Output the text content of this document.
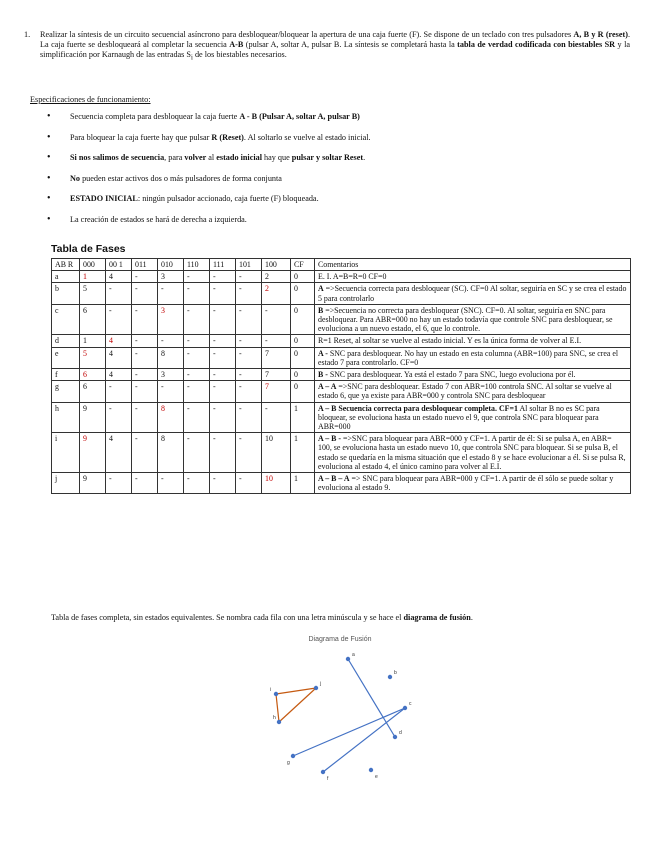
1. Realizar la síntesis de un circuito secuencial asíncrono para desbloquear/bloquear la apertura de una caja fuerte (F). Se dispone de un teclado con tres pulsadores A, B y R (reset). La caja fuerte se desbloqueará al completar la secuencia A-B (pulsar A, soltar A, pulsar B. La síntesis se completará hasta la tabla de verdad codificada con biestables SR y la simplificación por Karnaugh de las entradas $S_i$ de los biestables necesarios.
Especificaciones de funcionamiento:
• Secuencia completa para desbloquear la caja fuerte A - B (Pulsar A, soltar A, pulsar B)
• Para bloquear la caja fuerte hay que pulsar R (Reset). Al soltarlo se vuelve al estado inicial.
• Si nos salimos de secuencia, para volver al estado inicial hay que pulsar y soltar Reset.
• No pueden estar activos dos o más pulsadores de forma conjunta
• ESTADO INICIAL: ningún pulsador accionado, caja fuerte (F) bloqueada.
• La creación de estados se hará de derecha a izquierda.
Tabla de Fases
AB R	000	00 1	011	010	110	111	101	100	CF	Comentarios
a	1	4	-	3	-	-	-	2	0	E. I. A=B=R=0 CF=0
b	5	-	-	-	-	-	-	2	0	A =>Secuencia correcta para desbloquear (SC). CF=0 Al soltar, seguiría en SC y se crea el estado 5 para controlarlo
c	6	-	-	3	-	-	-	-	0	B =>Secuencia no correcta para desbloquear (SNC). CF=0. Al soltar, seguiría en SNC para desbloquear. Para ABR=000 no hay un estado todavía que controle SNC para desbloquear, se evoluciona a un nuevo estado, el 6, que lo controle.
d	1	4	-	-	-	-	-	-	0	R=1 Reset, al soltar se vuelve al estado inicial. Y es la única forma de volver al E.I.
e	5	4	-	8	-	-	-	7	0	A - SNC para desbloquear. No hay un estado en esta columna (ABR=100) para SNC, se crea el estado 7 para controlarlo. CF=0
f	6	4	-	3	-	-	-	7	0	B - SNC para desbloquear. Ya está el estado 7 para SNC, luego evoluciona por él.
g	6	-	-	-	-	-	-	7	0	A – A =>SNC para desbloquear. Estado 7 con ABR=100 controla SNC. Al soltar se vuelve al estado 6, que ya existe para ABR=000 y controla SNC para desbloquear
h	9	-	-	8	-	-	-	-	1	A – B Secuencia correcta para desbloquear completa. CF=1 Al soltar B no es SC para bloquear, se evoluciona hasta un estado nuevo el 9, que controla SNC para bloquear para ABR=000
i	9	4	-	8	-	-	-	10	1	A – B - =>SNC para bloquear para ABR=000 y CF=1. A partir de él: Si se pulsa A, en ABR= 100, se evoluciona hasta un estado nuevo 10, que controla SNC para bloquear. Si se pulsa B, el estado se quedaría en la misma situación que el estado 8 y se hace evolucionar a él. Si se pulsa R, evoluciona al estado 4, el único camino para volver al E.I.
j	9	-	-	-	-	-	-	10	1	A – B – A => SNC para bloquear para ABR=000 y CF=1. A partir de él sólo se puede soltar y evoluciona al estado 9.
Tabla de fases completa, sin estados equivalentes. Se nombra cada fila con una letra minúscula y se hace el diagrama de fusión.
Diagrama de Fusión
a
b
c
d
e
f
g
h
i
j
